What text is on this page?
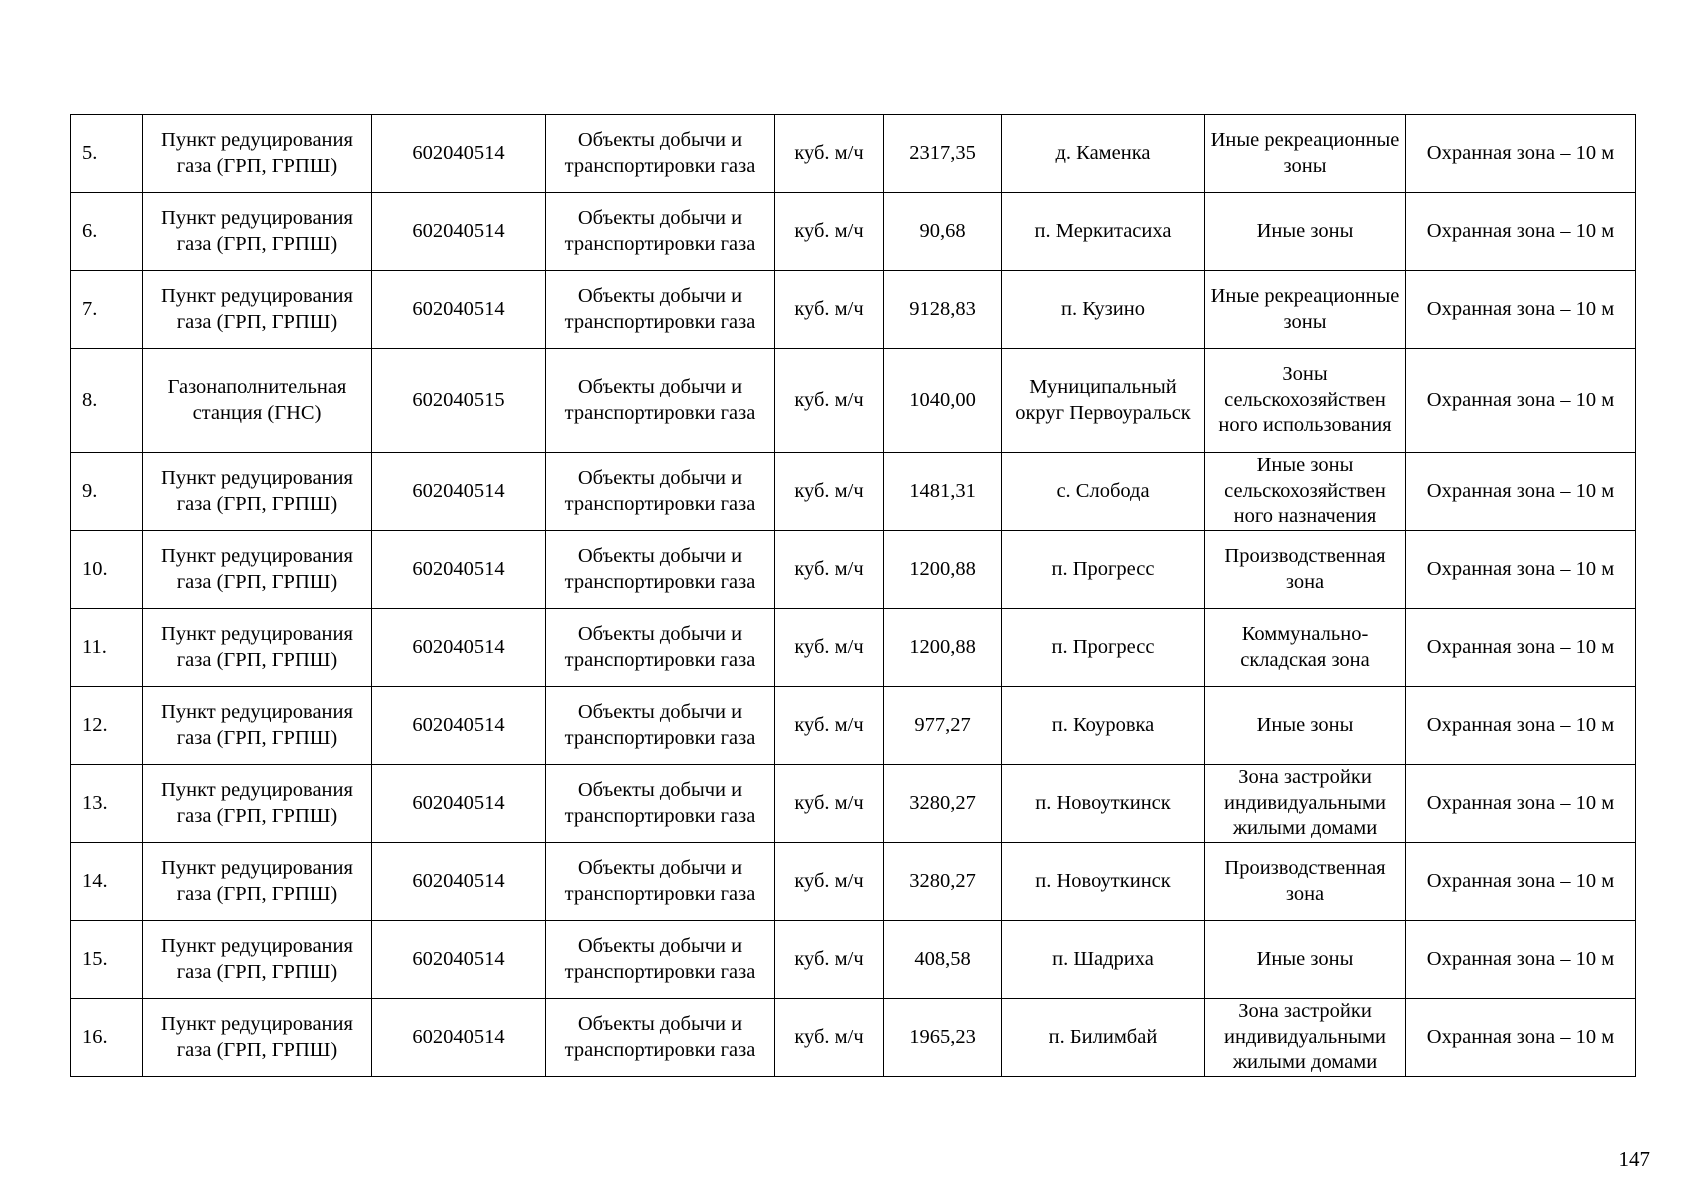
5.	Пункт редуцирования газа (ГРП, ГРПШ)	602040514	Объекты добычи и транспортировки газа	куб. м/ч	2317,35	д. Каменка	Иные рекреационные зоны	Охранная зона – 10 м
6.	Пункт редуцирования газа (ГРП, ГРПШ)	602040514	Объекты добычи и транспортировки газа	куб. м/ч	90,68	п. Меркитасиха	Иные зоны	Охранная зона – 10 м
7.	Пункт редуцирования газа (ГРП, ГРПШ)	602040514	Объекты добычи и транспортировки газа	куб. м/ч	9128,83	п. Кузино	Иные рекреационные зоны	Охранная зона – 10 м
8.	Газонаполнительная станция (ГНС)	602040515	Объекты добычи и транспортировки газа	куб. м/ч	1040,00	Муниципальный округ Первоуральск	Зоны сельскохозяйствен ного использования	Охранная зона – 10 м
9.	Пункт редуцирования газа (ГРП, ГРПШ)	602040514	Объекты добычи и транспортировки газа	куб. м/ч	1481,31	с. Слобода	Иные зоны сельскохозяйствен ного назначения	Охранная зона – 10 м
10.	Пункт редуцирования газа (ГРП, ГРПШ)	602040514	Объекты добычи и транспортировки газа	куб. м/ч	1200,88	п. Прогресс	Производственная зона	Охранная зона – 10 м
11.	Пункт редуцирования газа (ГРП, ГРПШ)	602040514	Объекты добычи и транспортировки газа	куб. м/ч	1200,88	п. Прогресс	Коммунально-складская зона	Охранная зона – 10 м
12.	Пункт редуцирования газа (ГРП, ГРПШ)	602040514	Объекты добычи и транспортировки газа	куб. м/ч	977,27	п. Коуровка	Иные зоны	Охранная зона – 10 м
13.	Пункт редуцирования газа (ГРП, ГРПШ)	602040514	Объекты добычи и транспортировки газа	куб. м/ч	3280,27	п. Новоуткинск	Зона застройки индивидуальными жилыми домами	Охранная зона – 10 м
14.	Пункт редуцирования газа (ГРП, ГРПШ)	602040514	Объекты добычи и транспортировки газа	куб. м/ч	3280,27	п. Новоуткинск	Производственная зона	Охранная зона – 10 м
15.	Пункт редуцирования газа (ГРП, ГРПШ)	602040514	Объекты добычи и транспортировки газа	куб. м/ч	408,58	п. Шадриха	Иные зоны	Охранная зона – 10 м
16.	Пункт редуцирования газа (ГРП, ГРПШ)	602040514	Объекты добычи и транспортировки газа	куб. м/ч	1965,23	п. Билимбай	Зона застройки индивидуальными жилыми домами	Охранная зона – 10 м
147
